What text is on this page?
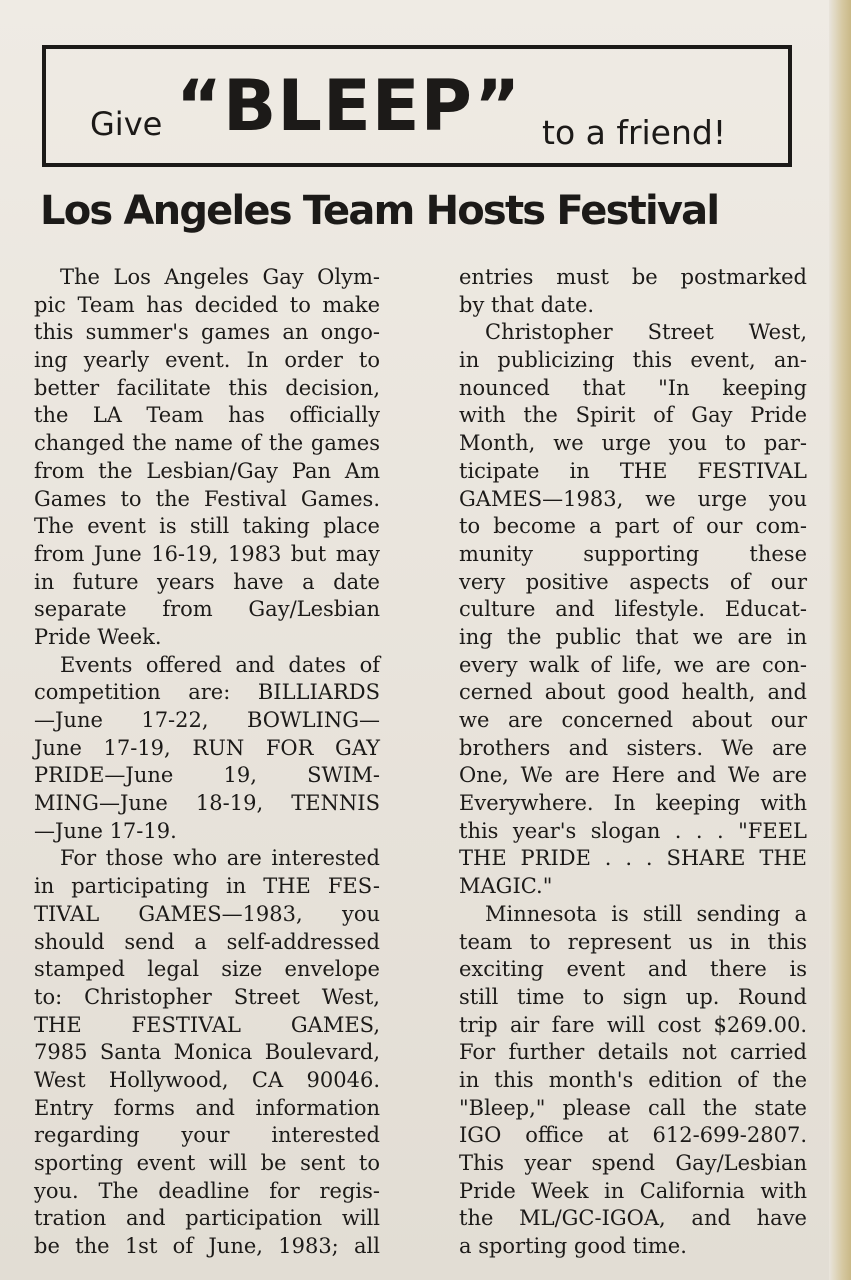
Give “BLEEP” to a friend!
Los Angeles Team Hosts Festival
The Los Angeles Gay Olym-
pic Team has decided to make
this summer's games an ongo-
ing yearly event. In order to
better facilitate this decision,
the LA Team has officially
changed the name of the games
from the Lesbian/Gay Pan Am
Games to the Festival Games.
The event is still taking place
from June 16-19, 1983 but may
in future years have a date
separate from Gay/Lesbian
Pride Week.
Events offered and dates of
competition are: BILLIARDS
—June 17-22, BOWLING—
June 17-19, RUN FOR GAY
PRIDE—June 19, SWIM-
MING—June 18-19, TENNIS
—June 17-19.
For those who are interested
in participating in THE FES-
TIVAL GAMES—1983, you
should send a self-addressed
stamped legal size envelope
to: Christopher Street West,
THE FESTIVAL GAMES,
7985 Santa Monica Boulevard,
West Hollywood, CA 90046.
Entry forms and information
regarding your interested
sporting event will be sent to
you. The deadline for regis-
tration and participation will
be the 1st of June, 1983; all
entries must be postmarked
by that date.
Christopher Street West,
in publicizing this event, an-
nounced that "In keeping
with the Spirit of Gay Pride
Month, we urge you to par-
ticipate in THE FESTIVAL
GAMES—1983, we urge you
to become a part of our com-
munity supporting these
very positive aspects of our
culture and lifestyle. Educat-
ing the public that we are in
every walk of life, we are con-
cerned about good health, and
we are concerned about our
brothers and sisters. We are
One, We are Here and We are
Everywhere. In keeping with
this year's slogan . . . "FEEL
THE PRIDE . . . SHARE THE
MAGIC."
Minnesota is still sending a
team to represent us in this
exciting event and there is
still time to sign up. Round
trip air fare will cost $269.00.
For further details not carried
in this month's edition of the
"Bleep," please call the state
IGO office at 612-699-2807.
This year spend Gay/Lesbian
Pride Week in California with
the ML/GC-IGOA, and have
a sporting good time.
